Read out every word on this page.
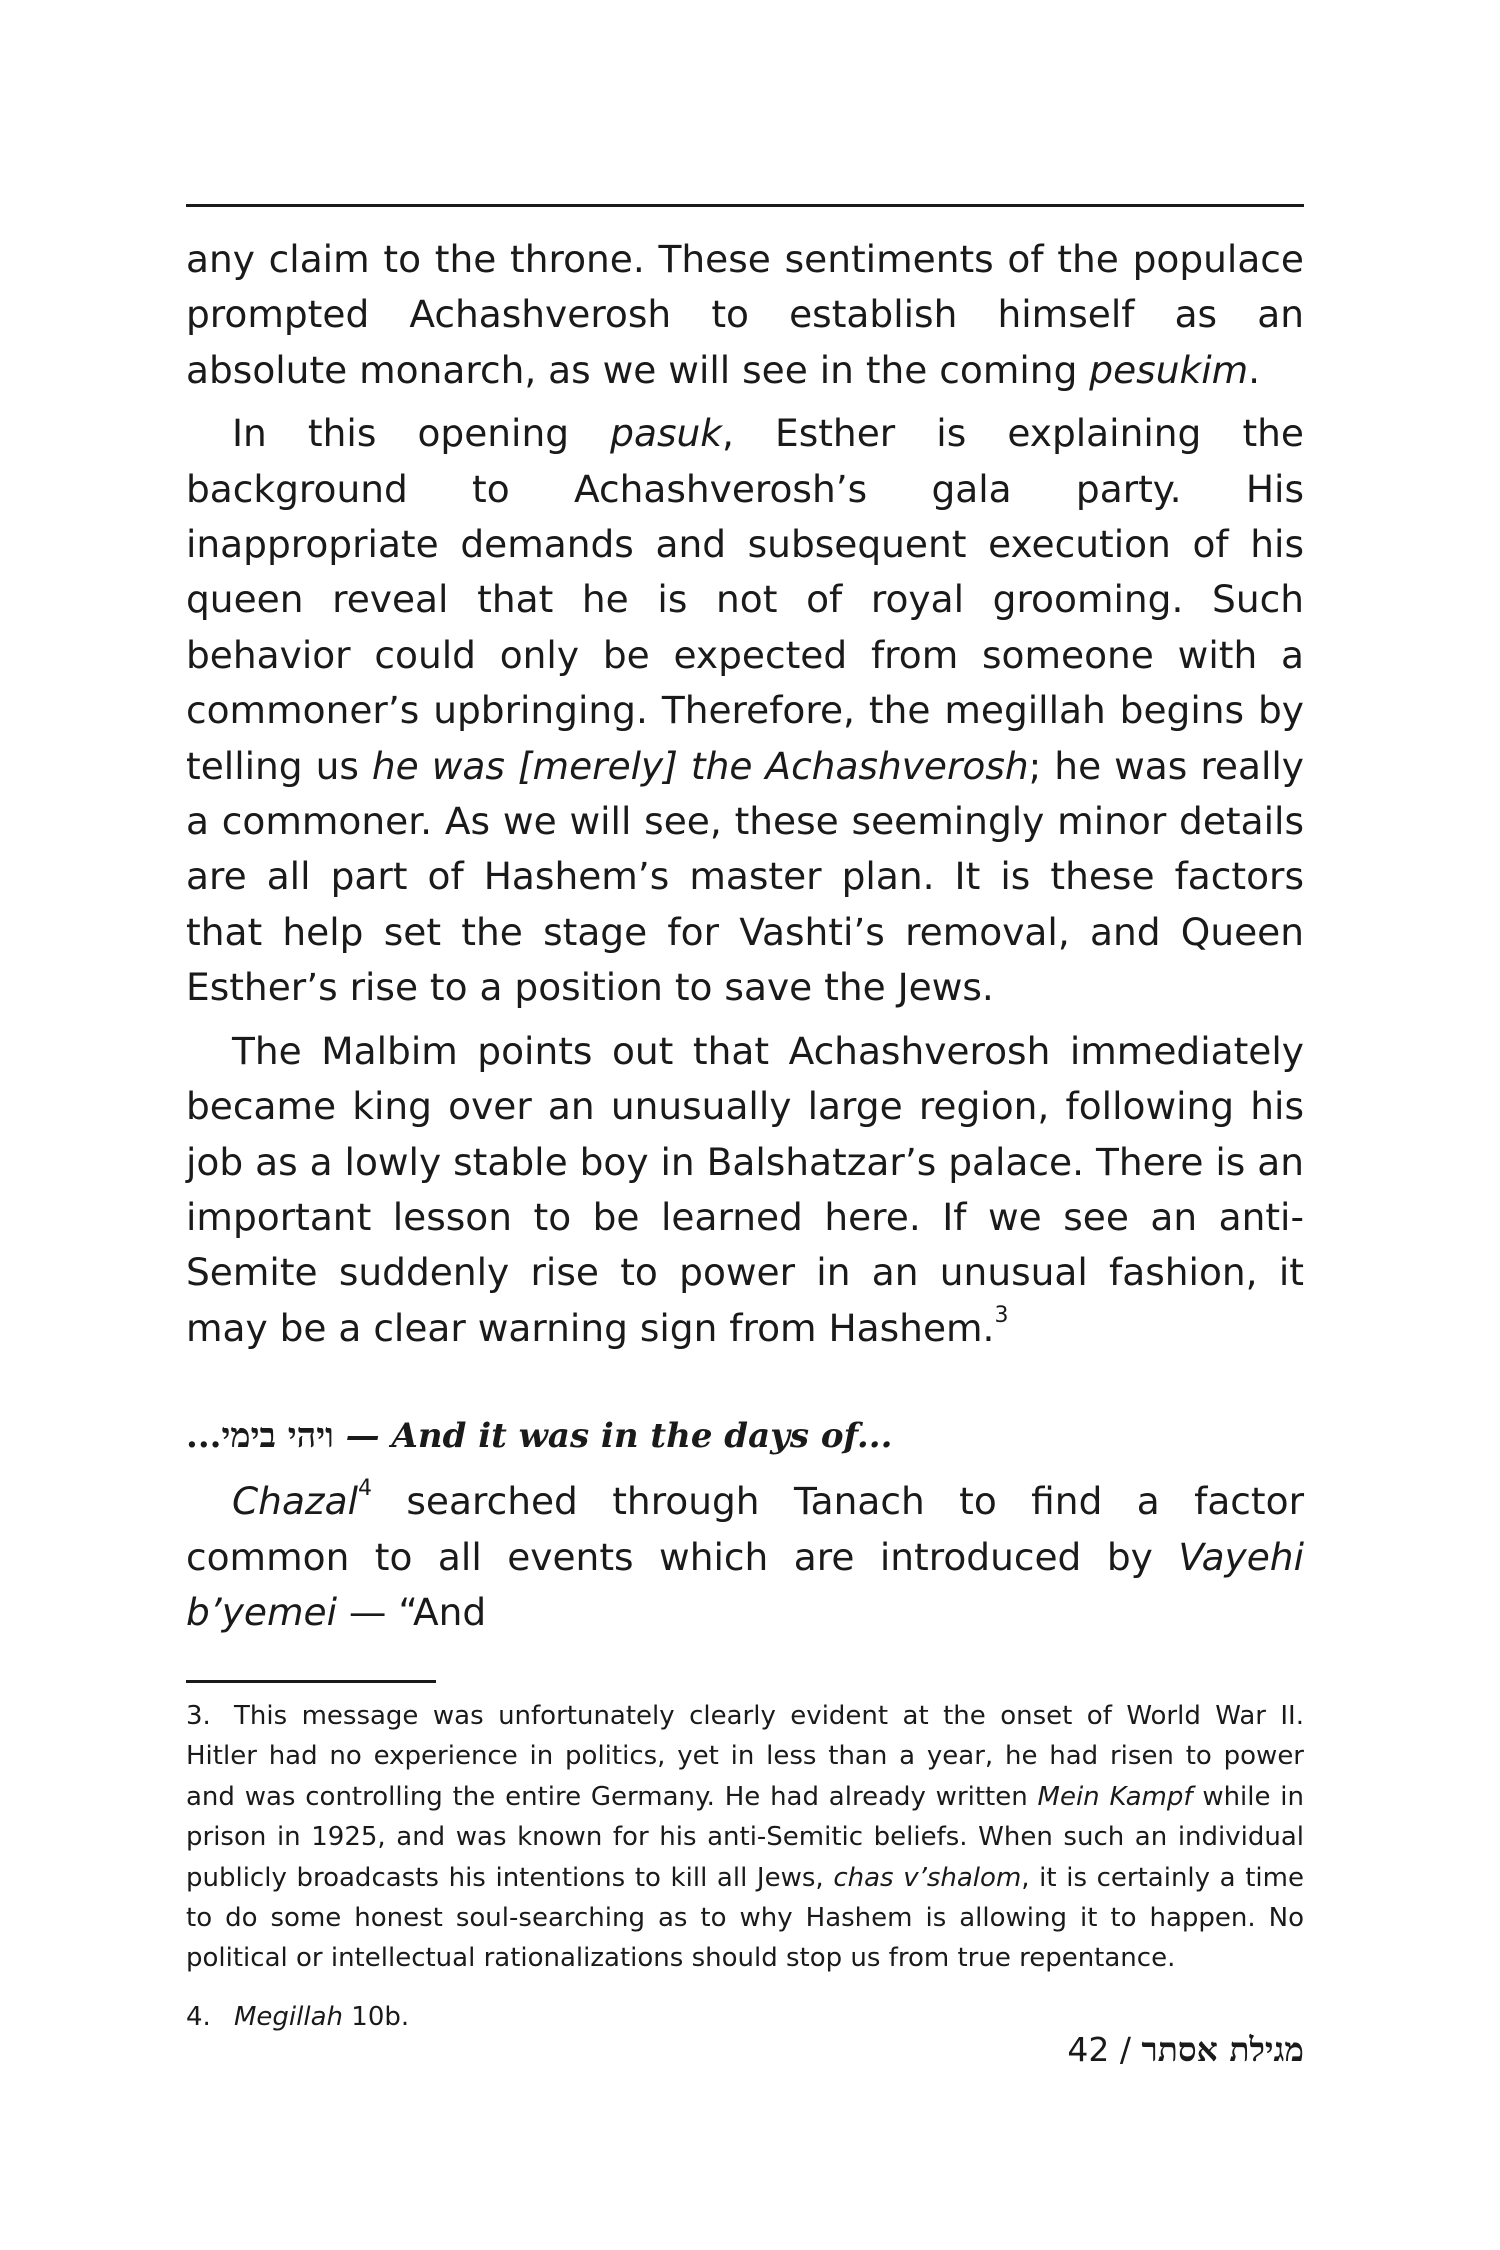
any claim to the throne. These sentiments of the populace prompted Achashverosh to establish himself as an absolute monarch, as we will see in the coming pesukim.

In this opening pasuk, Esther is explaining the background to Achashverosh’s gala party. His inappropriate demands and subsequent execution of his queen reveal that he is not of royal grooming. Such behavior could only be expected from someone with a commoner’s upbringing. Therefore, the megillah begins by telling us he was [merely] the Achashverosh; he was really a commoner. As we will see, these seemingly minor details are all part of Hashem’s master plan. It is these factors that help set the stage for Vashti’s removal, and Queen Esther’s rise to a position to save the Jews.

The Malbim points out that Achashverosh immediately became king over an unusually large region, following his job as a lowly stable boy in Balshatzar’s palace. There is an important lesson to be learned here. If we see an anti-Semite suddenly rise to power in an unusual fashion, it may be a clear warning sign from Hashem.$^3$

ויהי בימי... — And it was in the days of...

Chazal$^4$ searched through Tanach to find a factor common to all events which are introduced by Vayehi b’yemei — “And

3. This message was unfortunately clearly evident at the onset of World War II. Hitler had no experience in politics, yet in less than a year, he had risen to power and was controlling the entire Germany. He had already written Mein Kampf while in prison in 1925, and was known for his anti-Semitic beliefs. When such an individual publicly broadcasts his intentions to kill all Jews, chas v’shalom, it is certainly a time to do some honest soul-searching as to why Hashem is allowing it to happen. No political or intellectual rationalizations should stop us from true repentance.

4. Megillah 10b.

מגילת אסתר / 42
